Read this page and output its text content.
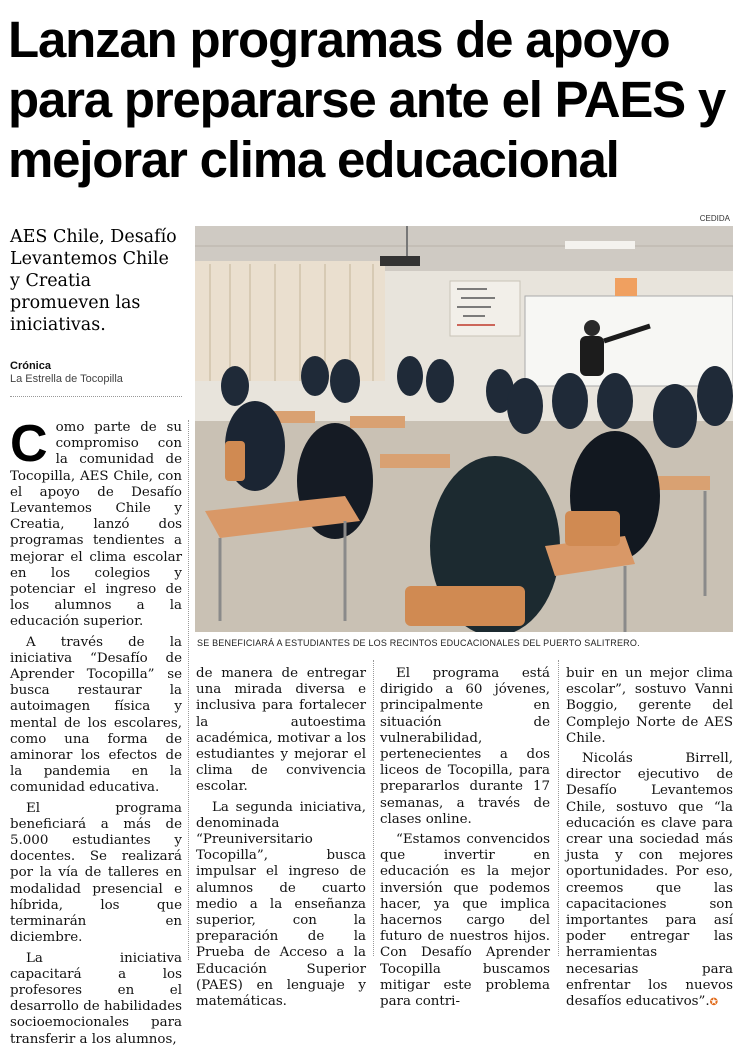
Lanzan programas de apoyo para prepararse ante el PAES y mejorar clima educacional
CEDIDA
AES Chile, Desafío Levantemos Chile y Creatia promueven las iniciativas.
Crónica
La Estrella de Tocopilla
SE BENEFICIARÁ A ESTUDIANTES DE LOS RECINTOS EDUCACIONALES DEL PUERTO SALITRERO.

Como parte de su compromiso con la comunidad de Tocopilla, AES Chile, con el apoyo de Desafío Levantemos Chile y Creatia, lanzó dos programas tendientes a mejorar el clima escolar en los colegios y potenciar el ingreso de los alumnos a la educación superior.

A través de la iniciativa “Desafío de Aprender Tocopilla” se busca restaurar la autoimagen física y mental de los escolares, como una forma de aminorar los efectos de la pandemia en la comunidad educativa.

El programa beneficiará a más de 5.000 estudiantes y docentes. Se realizará por la vía de talleres en modalidad presencial e híbrida, los que terminarán en diciembre.

La iniciativa capacitará a los profesores en el desarrollo de habilidades socioemocionales para transferir a los alumnos,

de manera de entregar una mirada diversa e inclusiva para fortalecer la autoestima académica, motivar a los estudiantes y mejorar el clima de convivencia escolar.

La segunda iniciativa, denominada “Preuniversitario Tocopilla”, busca impulsar el ingreso de alumnos de cuarto medio a la enseñanza superior, con la preparación de la Prueba de Acceso a la Educación Superior (PAES) en lenguaje y matemáticas.

El programa está dirigido a 60 jóvenes, principalmente en situación de vulnerabilidad, pertenecientes a dos liceos de Tocopilla, para prepararlos durante 17 semanas, a través de clases online.

“Estamos convencidos que invertir en educación es la mejor inversión que podemos hacer, ya que implica hacernos cargo del futuro de nuestros hijos. Con Desafío Aprender Tocopilla buscamos mitigar este problema para contri-

buir en un mejor clima escolar”, sostuvo Vanni Boggio, gerente del Complejo Norte de AES Chile.

Nicolás Birrell, director ejecutivo de Desafío Levantemos Chile, sostuvo que “la educación es clave para crear una sociedad más justa y con mejores oportunidades. Por eso, creemos que las capacitaciones son importantes para así poder entregar las herramientas necesarias para enfrentar los nuevos desafíos educativos”.✪
